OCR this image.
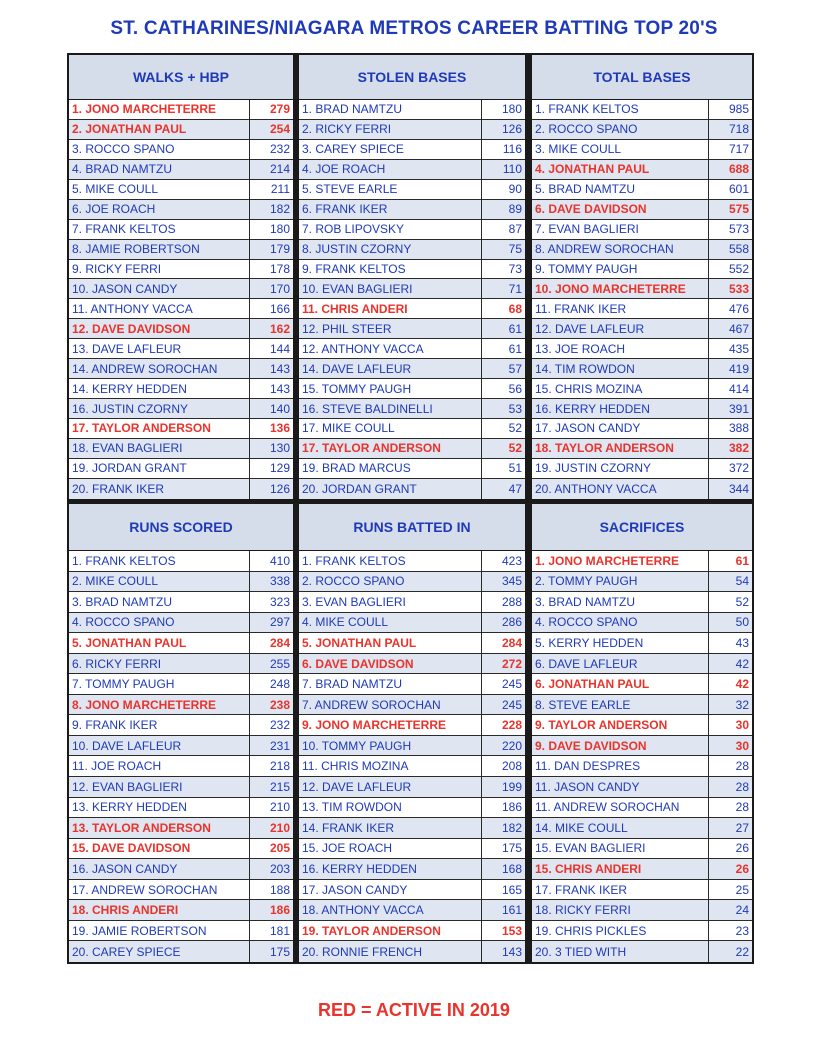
ST. CATHARINES/NIAGARA METROS CAREER BATTING TOP 20'S
WALKS + HBP
1. JONO MARCHETERRE	279
2. JONATHAN PAUL	254
3. ROCCO SPANO	232
4. BRAD NAMTZU	214
5. MIKE COULL	211
6. JOE ROACH	182
7. FRANK KELTOS	180
8. JAMIE ROBERTSON	179
9. RICKY FERRI	178
10. JASON CANDY	170
11. ANTHONY VACCA	166
12. DAVE DAVIDSON	162
13. DAVE LAFLEUR	144
14. ANDREW SOROCHAN	143
14. KERRY HEDDEN	143
16. JUSTIN CZORNY	140
17. TAYLOR ANDERSON	136
18. EVAN BAGLIERI	130
19. JORDAN GRANT	129
20. FRANK IKER	126
STOLEN BASES
1. BRAD NAMTZU	180
2. RICKY FERRI	126
3. CAREY SPIECE	116
4. JOE ROACH	110
5. STEVE EARLE	90
6. FRANK IKER	89
7. ROB LIPOVSKY	87
8. JUSTIN CZORNY	75
9. FRANK KELTOS	73
10. EVAN BAGLIERI	71
11. CHRIS ANDERI	68
12. PHIL STEER	61
12. ANTHONY VACCA	61
14. DAVE LAFLEUR	57
15. TOMMY PAUGH	56
16. STEVE BALDINELLI	53
17. MIKE COULL	52
17. TAYLOR ANDERSON	52
19. BRAD MARCUS	51
20. JORDAN GRANT	47
TOTAL BASES
1. FRANK KELTOS	985
2. ROCCO SPANO	718
3. MIKE COULL	717
4. JONATHAN PAUL	688
5. BRAD NAMTZU	601
6. DAVE DAVIDSON	575
7. EVAN BAGLIERI	573
8. ANDREW SOROCHAN	558
9. TOMMY PAUGH	552
10. JONO MARCHETERRE	533
11. FRANK IKER	476
12. DAVE LAFLEUR	467
13. JOE ROACH	435
14. TIM ROWDON	419
15. CHRIS MOZINA	414
16. KERRY HEDDEN	391
17. JASON CANDY	388
18. TAYLOR ANDERSON	382
19. JUSTIN CZORNY	372
20. ANTHONY VACCA	344
RUNS SCORED
1. FRANK KELTOS	410
2. MIKE COULL	338
3. BRAD NAMTZU	323
4. ROCCO SPANO	297
5. JONATHAN PAUL	284
6. RICKY FERRI	255
7. TOMMY PAUGH	248
8. JONO MARCHETERRE	238
9. FRANK IKER	232
10. DAVE LAFLEUR	231
11. JOE ROACH	218
12. EVAN BAGLIERI	215
13. KERRY HEDDEN	210
13. TAYLOR ANDERSON	210
15. DAVE DAVIDSON	205
16. JASON CANDY	203
17. ANDREW SOROCHAN	188
18. CHRIS ANDERI	186
19. JAMIE ROBERTSON	181
20. CAREY SPIECE	175
RUNS BATTED IN
1. FRANK KELTOS	423
2. ROCCO SPANO	345
3. EVAN BAGLIERI	288
4. MIKE COULL	286
5. JONATHAN PAUL	284
6. DAVE DAVIDSON	272
7. BRAD NAMTZU	245
7. ANDREW SOROCHAN	245
9. JONO MARCHETERRE	228
10. TOMMY PAUGH	220
11. CHRIS MOZINA	208
12. DAVE LAFLEUR	199
13. TIM ROWDON	186
14. FRANK IKER	182
15. JOE ROACH	175
16. KERRY HEDDEN	168
17. JASON CANDY	165
18. ANTHONY VACCA	161
19. TAYLOR ANDERSON	153
20. RONNIE FRENCH	143
SACRIFICES
1. JONO MARCHETERRE	61
2. TOMMY PAUGH	54
3. BRAD NAMTZU	52
4. ROCCO SPANO	50
5. KERRY HEDDEN	43
6. DAVE LAFLEUR	42
6. JONATHAN PAUL	42
8. STEVE EARLE	32
9. TAYLOR ANDERSON	30
9. DAVE DAVIDSON	30
11. DAN DESPRES	28
11. JASON CANDY	28
11. ANDREW SOROCHAN	28
14. MIKE COULL	27
15. EVAN BAGLIERI	26
15. CHRIS ANDERI	26
17. FRANK IKER	25
18. RICKY FERRI	24
19. CHRIS PICKLES	23
20. 3 TIED WITH	22
RED = ACTIVE IN 2019
